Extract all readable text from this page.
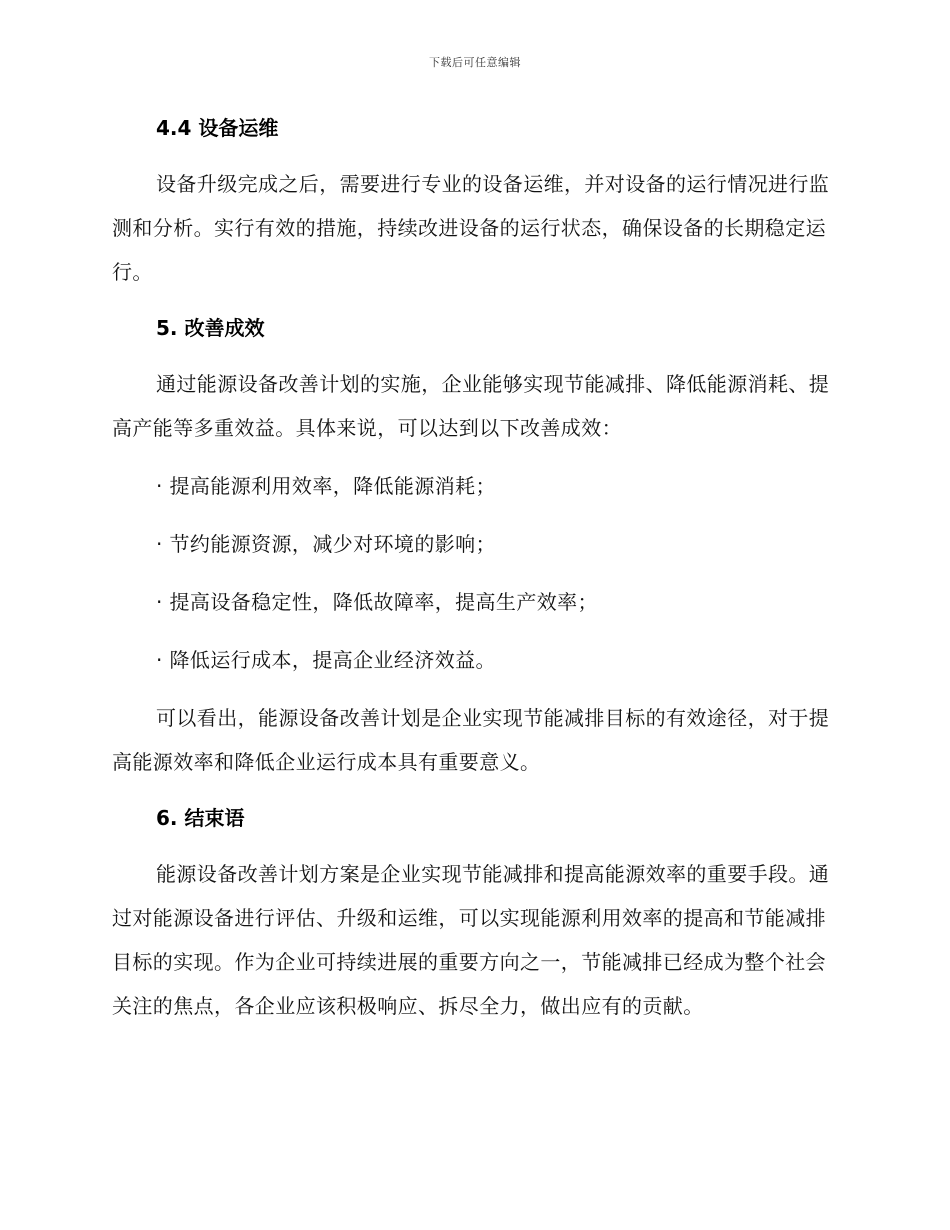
下载后可任意编辑
4.4 设备运维
设备升级完成之后，需要进行专业的设备运维，并对设备的运行情况进行监测和分析。实行有效的措施，持续改进设备的运行状态，确保设备的长期稳定运行。
5. 改善成效
通过能源设备改善计划的实施，企业能够实现节能减排、降低能源消耗、提高产能等多重效益。具体来说，可以达到以下改善成效：
· 提高能源利用效率，降低能源消耗；
· 节约能源资源，减少对环境的影响；
· 提高设备稳定性，降低故障率，提高生产效率；
· 降低运行成本，提高企业经济效益。
可以看出，能源设备改善计划是企业实现节能减排目标的有效途径，对于提高能源效率和降低企业运行成本具有重要意义。
6. 结束语
能源设备改善计划方案是企业实现节能减排和提高能源效率的重要手段。通过对能源设备进行评估、升级和运维，可以实现能源利用效率的提高和节能减排目标的实现。作为企业可持续进展的重要方向之一，节能减排已经成为整个社会关注的焦点，各企业应该积极响应、拆尽全力，做出应有的贡献。
